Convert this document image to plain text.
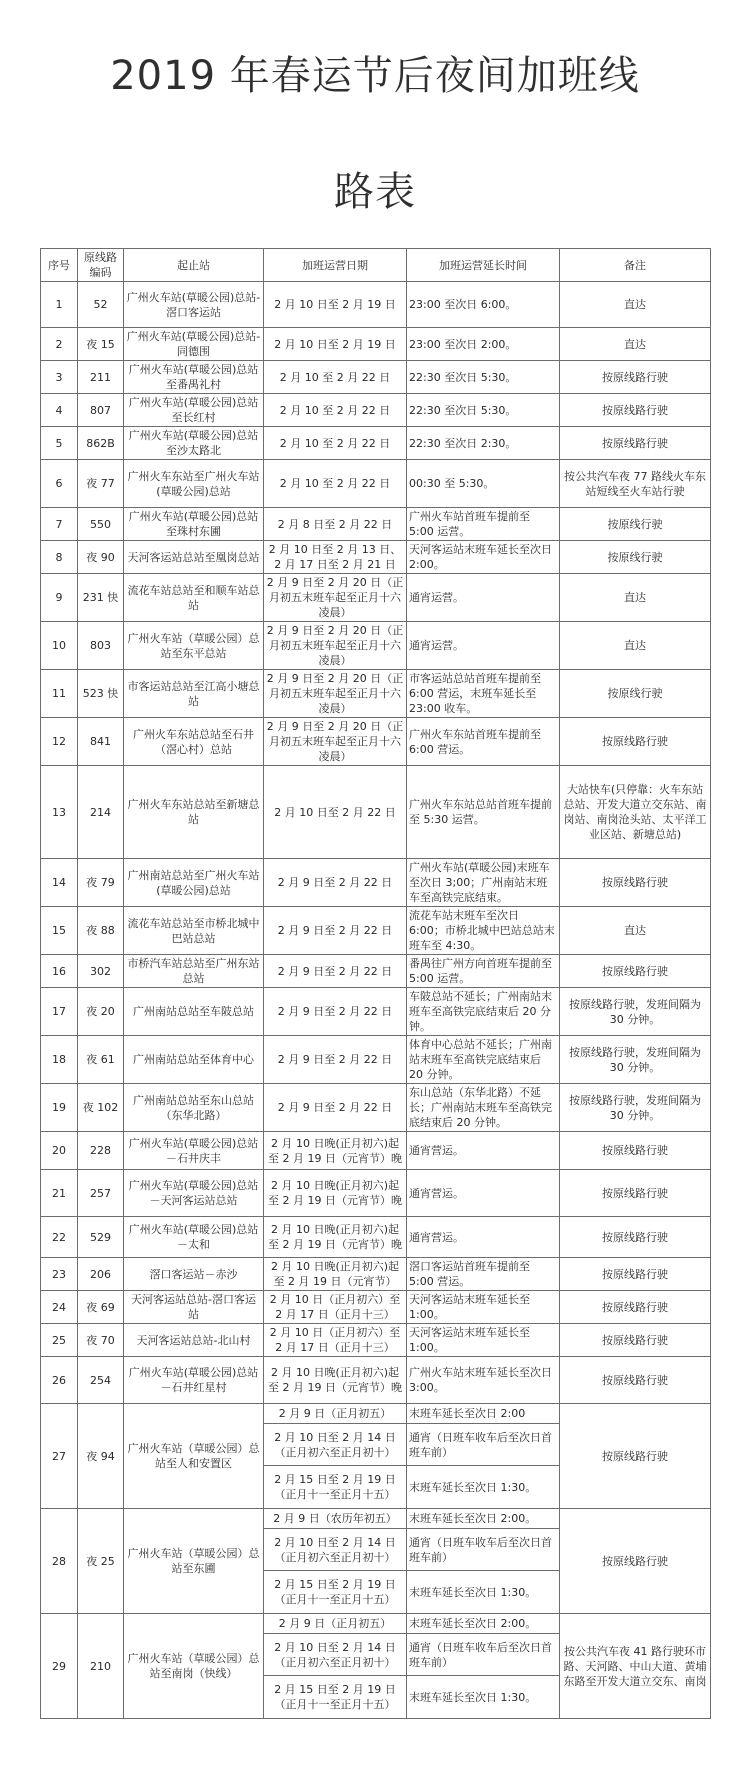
2019 年春运节后夜间加班线
路表
序号	原线路编码	起止站	加班运营日期	加班运营延长时间	备注
1	52	广州火车站(草暖公园)总站-滘口客运站	2 月 10 日至 2 月 19 日	23:00 至次日 6:00。	直达
2	夜 15	广州火车站(草暖公园)总站-同德围	2 月 10 日至 2 月 19 日	23:00 至次日 2:00。	直达
3	211	广州火车站(草暖公园)总站至番禺礼村	2 月 10 至 2 月 22 日	22:30 至次日 5:30。	按原线路行驶
4	807	广州火车站(草暖公园)总站至长红村	2 月 10 至 2 月 22 日	22:30 至次日 5:30。	按原线路行驶
5	862B	广州火车站(草暖公园)总站至沙太路北	2 月 10 至 2 月 22 日	22:30 至次日 2:30。	按原线路行驶
6	夜 77	广州火车东站至广州火车站(草暖公园)总站	2 月 10 至 2 月 22 日	00:30 至 5:30。	按公共汽车夜 77 路线火车东站短线至火车站行驶
7	550	广州火车站(草暖公园)总站至珠村东圃	2 月 8 日至 2 月 22 日	广州火车站首班车提前至 5:00 运营。	按原线行驶
8	夜 90	天河客运站总站至凰岗总站	2 月 10 日至 2 月 13 日、2 月 17 日至 2 月 21 日	天河客运站末班车延长至次日 2:00。	按原线行驶
9	231 快	流花车站总站至和顺车站总站	2 月 9 日至 2 月 20 日（正月初五末班车起至正月十六凌晨）	通宵运营。	直达
10	803	广州火车站（草暖公园）总站至东平总站	2 月 9 日至 2 月 20 日（正月初五末班车起至正月十六凌晨）	通宵运营。	直达
11	523 快	市客运站总站至江高小塘总站	2 月 9 日至 2 月 20 日（正月初五末班车起至正月十六凌晨）	市客运站总站首班车提前至 6:00 营运，末班车延长至 23:00 收车。	按原线行驶
12	841	广州火车东站总站至石井（滘心村）总站	2 月 9 日至 2 月 20 日（正月初五末班车起至正月十六凌晨）	广州火车东站首班车提前至 6:00 营运。	按原线路行驶
13	214	广州火车东站总站至新塘总站	2 月 10 日至 2 月 22 日	广州火车东站总站首班车提前至 5:30 运营。	大站快车(只停靠：火车东站总站、开发大道立交东站、南岗站、南岗沧头站、太平洋工业区站、新塘总站)
14	夜 79	广州南站总站至广州火车站(草暖公园)总站	2 月 9 日至 2 月 22 日	广州火车站(草暖公园)末班车至次日 3;00；广州南站末班车至高铁完底结束。	按原线路行驶
15	夜 88	流花车站总站至市桥北城中巴站总站	2 月 9 日至 2 月 22 日	流花车站末班车至次日 6:00；市桥北城中巴站总站末班车至 4:30。	直达
16	302	市桥汽车站总站至广州东站总站	2 月 9 日至 2 月 22 日	番禺往广州方向首班车提前至 5:00 运营。	按原线路行驶
17	夜 20	广州南站总站至车陂总站	2 月 9 日至 2 月 22 日	车陂总站不延长；广州南站末班车至高铁完底结束后 20 分钟。	按原线路行驶，发班间隔为 30 分钟。
18	夜 61	广州南站总站至体育中心	2 月 9 日至 2 月 22 日	体育中心总站不延长；广州南站末班车至高铁完底结束后 20 分钟。	按原线路行驶，发班间隔为 30 分钟。
19	夜 102	广州南站总站至东山总站（东华北路）	2 月 9 日至 2 月 22 日	东山总站（东华北路）不延长；广州南站末班车至高铁完底结束后 20 分钟。	按原线路行驶，发班间隔为 30 分钟。
20	228	广州火车站(草暖公园)总站－石井庆丰	2 月 10 日晚(正月初六)起至 2 月 19 日（元宵节）晚	通宵营运。	按原线路行驶
21	257	广州火车站(草暖公园)总站－天河客运站总站	2 月 10 日晚(正月初六)起至 2 月 19 日（元宵节）晚	通宵营运。	按原线路行驶
22	529	广州火车站(草暖公园)总站－太和	2 月 10 日晚(正月初六)起至 2 月 19 日（元宵节）晚	通宵营运。	按原线路行驶
23	206	滘口客运站－赤沙	2 月 10 日晚(正月初六)起至 2 月 19 日（元宵节）	滘口客运站首班车提前至 5:00 营运。	按原线路行驶
24	夜 69	天河客运站总站-滘口客运站	2 月 10 日（正月初六）至 2 月 17 日（正月十三）	天河客运站末班车延长至 1:00。	按原线路行驶
25	夜 70	天河客运站总站-北山村	2 月 10 日（正月初六）至 2 月 17 日（正月十三）	天河客运站末班车延长至 1:00。	按原线路行驶
26	254	广州火车站(草暖公园)总站－石井红星村	2 月 10 日晚(正月初六)起至 2 月 19 日（元宵节）晚	广州火车站末班车延长至次日 3:00。	按原线路行驶
27	夜 94	广州火车站（草暖公园）总站至人和安置区	2 月 9 日（正月初五）	末班车延长至次日 2:00	按原线路行驶
			2 月 10 日至 2 月 14 日（正月初六至正月初十）	通宵（日班车收车后至次日首班车前）	
			2 月 15 日至 2 月 19 日（正月十一至正月十五）	末班车延长至次日 1:30。	
28	夜 25	广州火车站（草暖公园）总站至东圃	2 月 9 日（农历年初五）	末班车延长至次日 2:00。	按原线路行驶
			2 月 10 日至 2 月 14 日（正月初六至正月初十）	通宵（日班车收车后至次日首班车前）	
			2 月 15 日至 2 月 19 日（正月十一至正月十五）	末班车延长至次日 1:30。	
29	210	广州火车站（草暖公园）总站至南岗（快线）	2 月 9 日（正月初五）	末班车延长至次日 2:00。	按公共汽车夜 41 路行驶环市路、天河路、中山大道、黄埔东路至开发大道立交东、南岗
			2 月 10 日至 2 月 14 日（正月初六至正月初十）	通宵（日班车收车后至次日首班车前）	
			2 月 15 日至 2 月 19 日（正月十一至正月十五）	末班车延长至次日 1:30。	
